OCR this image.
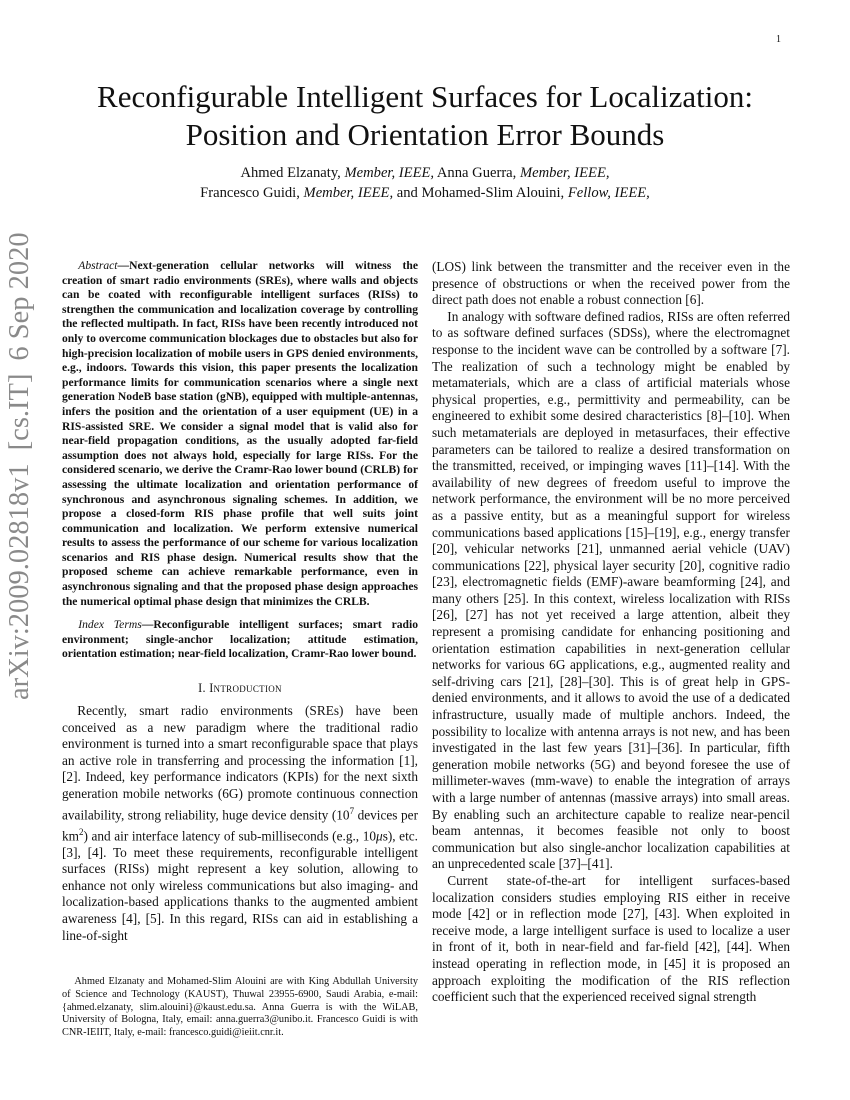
1
arXiv:2009.02818v1[cs.IT]6 Sep 2020
Reconfigurable Intelligent Surfaces for Localization:
Position and Orientation Error Bounds
Ahmed Elzanaty, Member, IEEE, Anna Guerra, Member, IEEE,
Francesco Guidi, Member, IEEE, and Mohamed-Slim Alouini, Fellow, IEEE,

Abstract—Next-generation cellular networks will witness the creation of smart radio environments (SREs), where walls and objects can be coated with reconfigurable intelligent surfaces (RISs) to strengthen the communication and localization coverage by controlling the reflected multipath. In fact, RISs have been recently introduced not only to overcome communication blockages due to obstacles but also for high-precision localization of mobile users in GPS denied environments, e.g., indoors. Towards this vision, this paper presents the localization performance limits for communication scenarios where a single next generation NodeB base station (gNB), equipped with multiple-antennas, infers the position and the orientation of a user equipment (UE) in a RIS-assisted SRE. We consider a signal model that is valid also for near-field propagation conditions, as the usually adopted far-field assumption does not always hold, especially for large RISs. For the considered scenario, we derive the Cramr-Rao lower bound (CRLB) for assessing the ultimate localization and orientation performance of synchronous and asynchronous signaling schemes. In addition, we propose a closed-form RIS phase profile that well suits joint communication and localization. We perform extensive numerical results to assess the performance of our scheme for various localization scenarios and RIS phase design. Numerical results show that the proposed scheme can achieve remarkable performance, even in asynchronous signaling and that the proposed phase design approaches the numerical optimal phase design that minimizes the CRLB.

Index Terms—Reconfigurable intelligent surfaces; smart radio environment; single-anchor localization; attitude estimation, orientation estimation; near-field localization, Cramr-Rao lower bound.

I. Introduction

Recently, smart radio environments (SREs) have been conceived as a new paradigm where the traditional radio environment is turned into a smart reconfigurable space that plays an active role in transferring and processing the information [1], [2]. Indeed, key performance indicators (KPIs) for the next sixth generation mobile networks (6G) promote continuous connection availability, strong reliability, huge device density ($10^7$ devices per $km^2$) and air interface latency of sub-milliseconds (e.g., 10μs), etc. [3], [4]. To meet these requirements, reconfigurable intelligent surfaces (RISs) might represent a key solution, allowing to enhance not only wireless communications but also imaging- and localization-based applications thanks to the augmented ambient awareness [4], [5]. In this regard, RISs can aid in establishing a line-of-sight

Ahmed Elzanaty and Mohamed-Slim Alouini are with King Abdullah University of Science and Technology (KAUST), Thuwal 23955-6900, Saudi Arabia, e-mail: {ahmed.elzanaty, slim.alouini}@kaust.edu.sa. Anna Guerra is with the WiLAB, University of Bologna, Italy, email: anna.guerra3@unibo.it. Francesco Guidi is with CNR-IEIIT, Italy, e-mail: francesco.guidi@ieiit.cnr.it.

(LOS) link between the transmitter and the receiver even in the presence of obstructions or when the received power from the direct path does not enable a robust connection [6].

In analogy with software defined radios, RISs are often referred to as software defined surfaces (SDSs), where the electromagnet response to the incident wave can be controlled by a software [7]. The realization of such a technology might be enabled by metamaterials, which are a class of artificial materials whose physical properties, e.g., permittivity and permeability, can be engineered to exhibit some desired characteristics [8]–[10]. When such metamaterials are deployed in metasurfaces, their effective parameters can be tailored to realize a desired transformation on the transmitted, received, or impinging waves [11]–[14]. With the availability of new degrees of freedom useful to improve the network performance, the environment will be no more perceived as a passive entity, but as a meaningful support for wireless communications based applications [15]–[19], e.g., energy transfer [20], vehicular networks [21], unmanned aerial vehicle (UAV) communications [22], physical layer security [20], cognitive radio [23], electromagnetic fields (EMF)-aware beamforming [24], and many others [25]. In this context, wireless localization with RISs [26], [27] has not yet received a large attention, albeit they represent a promising candidate for enhancing positioning and orientation estimation capabilities in next-generation cellular networks for various 6G applications, e.g., augmented reality and self-driving cars [21], [28]–[30]. This is of great help in GPS-denied environments, and it allows to avoid the use of a dedicated infrastructure, usually made of multiple anchors. Indeed, the possibility to localize with antenna arrays is not new, and has been investigated in the last few years [31]–[36]. In particular, fifth generation mobile networks (5G) and beyond foresee the use of millimeter-waves (mm-wave) to enable the integration of arrays with a large number of antennas (massive arrays) into small areas. By enabling such an architecture capable to realize near-pencil beam antennas, it becomes feasible not only to boost communication but also single-anchor localization capabilities at an unprecedented scale [37]–[41].

Current state-of-the-art for intelligent surfaces-based localization considers studies employing RIS either in receive mode [42] or in reflection mode [27], [43]. When exploited in receive mode, a large intelligent surface is used to localize a user in front of it, both in near-field and far-field [42], [44]. When instead operating in reflection mode, in [45] it is proposed an approach exploiting the modification of the RIS reflection coefficient such that the experienced received signal strength
